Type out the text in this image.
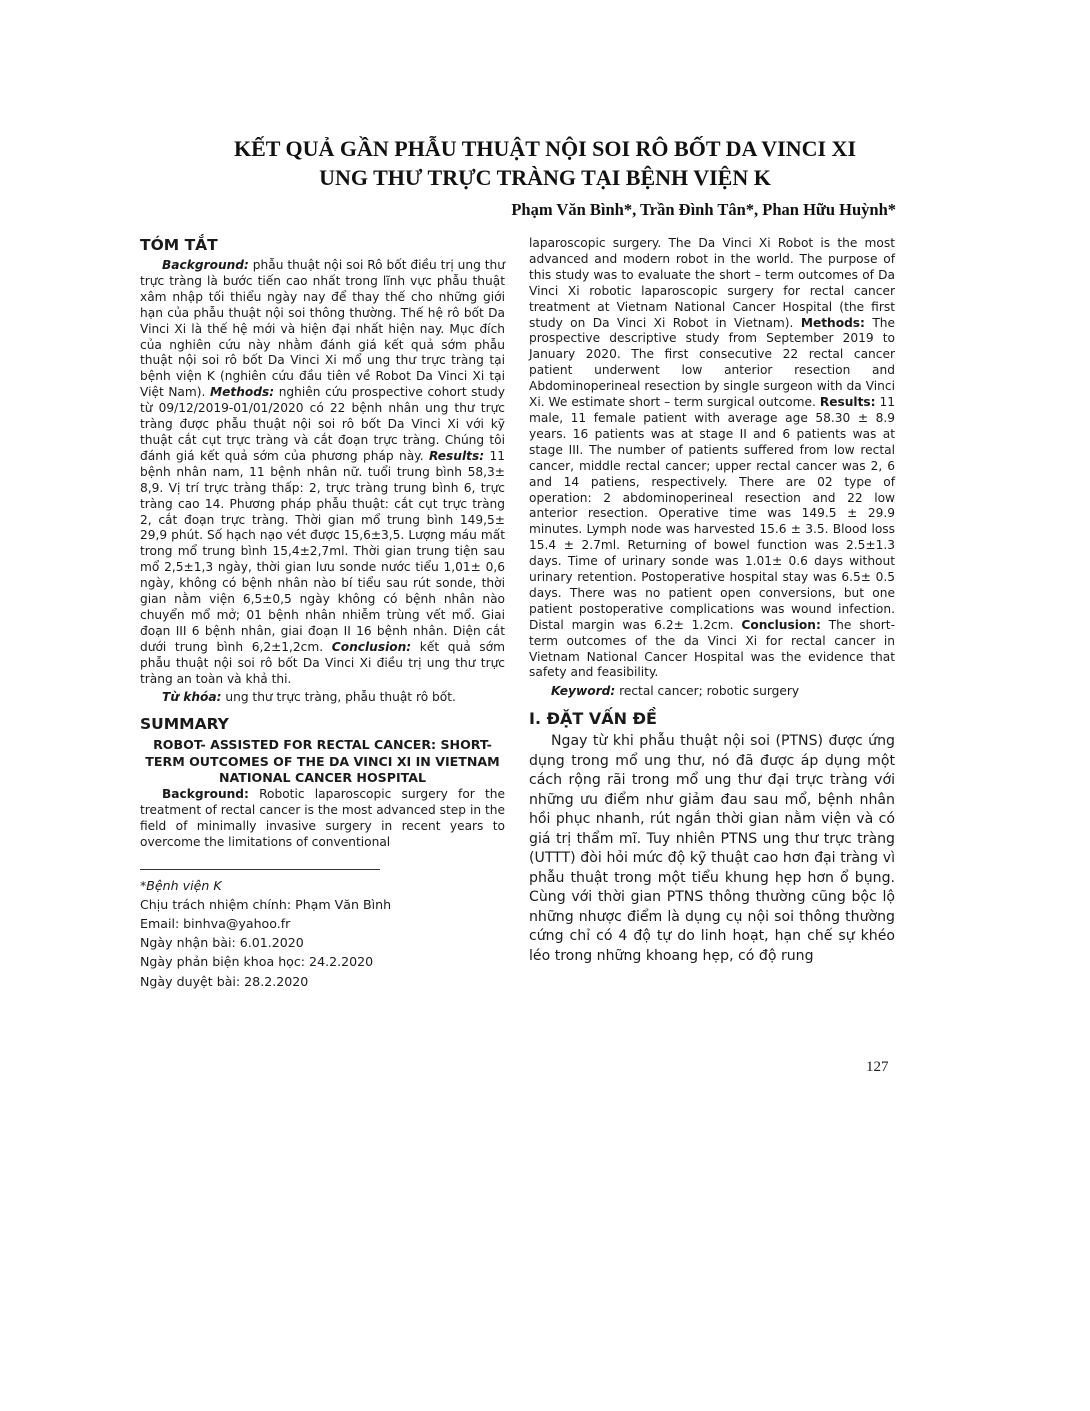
KẾT QUẢ GẦN PHẪU THUẬT NỘI SOI RÔ BỐT DA VINCI XI
UNG THƯ TRỰC TRÀNG TẠI BỆNH VIỆN K
Phạm Văn Bình*, Trần Đình Tân*, Phan Hữu Huỳnh*
TÓM TẮT

Background: phẫu thuật nội soi Rô bốt điều trị ung thư trực tràng là bước tiến cao nhất trong lĩnh vực phẫu thuật xâm nhập tối thiểu ngày nay để thay thế cho những giới hạn của phẫu thuật nội soi thông thường. Thế hệ rô bốt Da Vinci Xi là thế hệ mới và hiện đại nhất hiện nay. Mục đích của nghiên cứu này nhằm đánh giá kết quả sớm phẫu thuật nội soi rô bốt Da Vinci Xi mổ ung thư trực tràng tại bệnh viện K (nghiên cứu đầu tiên về Robot Da Vinci Xi tại Việt Nam). Methods: nghiên cứu prospective cohort study từ 09/12/2019-01/01/2020 có 22 bệnh nhân ung thư trực tràng được phẫu thuật nội soi rô bốt Da Vinci Xi với kỹ thuật cắt cụt trực tràng và cắt đoạn trực tràng. Chúng tôi đánh giá kết quả sớm của phương pháp này. Results: 11 bệnh nhân nam, 11 bệnh nhân nữ. tuổi trung bình 58,3± 8,9. Vị trí trực tràng thấp: 2, trực tràng trung bình 6, trực tràng cao 14. Phương pháp phẫu thuật: cắt cụt trực tràng 2, cắt đoạn trực tràng. Thời gian mổ trung bình 149,5± 29,9 phút. Số hạch nạo vét được 15,6±3,5. Lượng máu mất trong mổ trung bình 15,4±2,7ml. Thời gian trung tiện sau mổ 2,5±1,3 ngày, thời gian lưu sonde nước tiểu 1,01± 0,6 ngày, không có bệnh nhân nào bí tiểu sau rút sonde, thời gian nằm viện 6,5±0,5 ngày không có bệnh nhân nào chuyển mổ mở; 01 bệnh nhân nhiễm trùng vết mổ. Giai đoạn III 6 bệnh nhân, giai đoạn II 16 bệnh nhân. Diện cắt dưới trung bình 6,2±1,2cm. Conclusion: kết quả sớm phẫu thuật nội soi rô bốt Da Vinci Xi điều trị ung thư trực tràng an toàn và khả thi.

Từ khóa: ung thư trực tràng, phẫu thuật rô bốt.

SUMMARY
ROBOT- ASSISTED FOR RECTAL CANCER: SHORT-TERM OUTCOMES OF THE DA VINCI XI IN VIETNAM NATIONAL CANCER HOSPITAL

Background: Robotic laparoscopic surgery for the treatment of rectal cancer is the most advanced step in the field of minimally invasive surgery in recent years to overcome the limitations of conventional

*Bệnh viện K

Chịu trách nhiệm chính: Phạm Văn Bình

Email: binhva@yahoo.fr

Ngày nhận bài: 6.01.2020

Ngày phản biện khoa học: 24.2.2020

Ngày duyệt bài: 28.2.2020

laparoscopic surgery. The Da Vinci Xi Robot is the most advanced and modern robot in the world. The purpose of this study was to evaluate the short – term outcomes of Da Vinci Xi robotic laparoscopic surgery for rectal cancer treatment at Vietnam National Cancer Hospital (the first study on Da Vinci Xi Robot in Vietnam). Methods: The prospective descriptive study from September 2019 to January 2020. The first consecutive 22 rectal cancer patient underwent low anterior resection and Abdominoperineal resection by single surgeon with da Vinci Xi. We estimate short – term surgical outcome. Results: 11 male, 11 female patient with average age 58.30 ± 8.9 years. 16 patients was at stage II and 6 patients was at stage III. The number of patients suffered from low rectal cancer, middle rectal cancer; upper rectal cancer was 2, 6 and 14 patiens, respectively. There are 02 type of operation: 2 abdominoperineal resection and 22 low anterior resection. Operative time was 149.5 ± 29.9 minutes. Lymph node was harvested 15.6 ± 3.5. Blood loss 15.4 ± 2.7ml. Returning of bowel function was 2.5±1.3 days. Time of urinary sonde was 1.01± 0.6 days without urinary retention. Postoperative hospital stay was 6.5± 0.5 days. There was no patient open conversions, but one patient postoperative complications was wound infection. Distal margin was 6.2± 1.2cm. Conclusion: The short-term outcomes of the da Vinci Xi for rectal cancer in Vietnam National Cancer Hospital was the evidence that safety and feasibility.

Keyword: rectal cancer; robotic surgery

I. ĐẶT VẤN ĐỀ

Ngay từ khi phẫu thuật nội soi (PTNS) được ứng dụng trong mổ ung thư, nó đã được áp dụng một cách rộng rãi trong mổ ung thư đại trực tràng với những ưu điểm như giảm đau sau mổ, bệnh nhân hồi phục nhanh, rút ngắn thời gian nằm viện và có giá trị thẩm mĩ. Tuy nhiên PTNS ung thư trực tràng (UTTT) đòi hỏi mức độ kỹ thuật cao hơn đại tràng vì phẫu thuật trong một tiểu khung hẹp hơn ổ bụng. Cùng với thời gian PTNS thông thường cũng bộc lộ những nhược điểm là dụng cụ nội soi thông thường cứng chỉ có 4 độ tự do linh hoạt, hạn chế sự khéo léo trong những khoang hẹp, có độ rung

127
